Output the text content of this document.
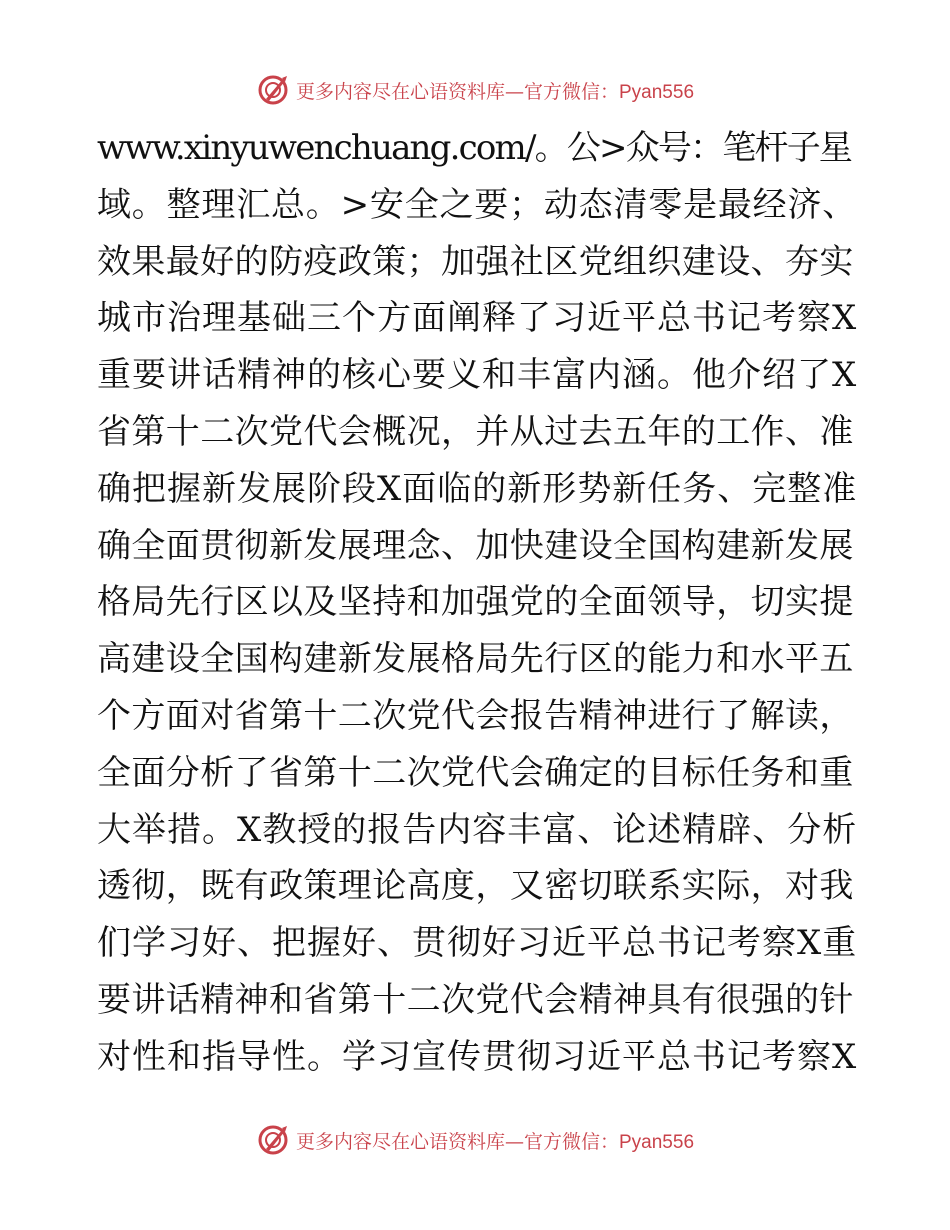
更多内容尽在心语资料库—官方微信：Pyan556
www.xinyuwenchuang.com/。公>众号：笔杆子星
域。整理汇总。>安全之要；动态清零是最经济、
效果最好的防疫政策；加强社区党组织建设、夯实
城市治理基础三个方面阐释了习近平总书记考察X
重要讲话精神的核心要义和丰富内涵。他介绍了X
省第十二次党代会概况，并从过去五年的工作、准
确把握新发展阶段X面临的新形势新任务、完整准
确全面贯彻新发展理念、加快建设全国构建新发展
格局先行区以及坚持和加强党的全面领导，切实提
高建设全国构建新发展格局先行区的能力和水平五
个方面对省第十二次党代会报告精神进行了解读，
全面分析了省第十二次党代会确定的目标任务和重
大举措。X教授的报告内容丰富、论述精辟、分析
透彻，既有政策理论高度，又密切联系实际，对我
们学习好、把握好、贯彻好习近平总书记考察X重
要讲话精神和省第十二次党代会精神具有很强的针
对性和指导性。学习宣传贯彻习近平总书记考察X
更多内容尽在心语资料库—官方微信：Pyan556
